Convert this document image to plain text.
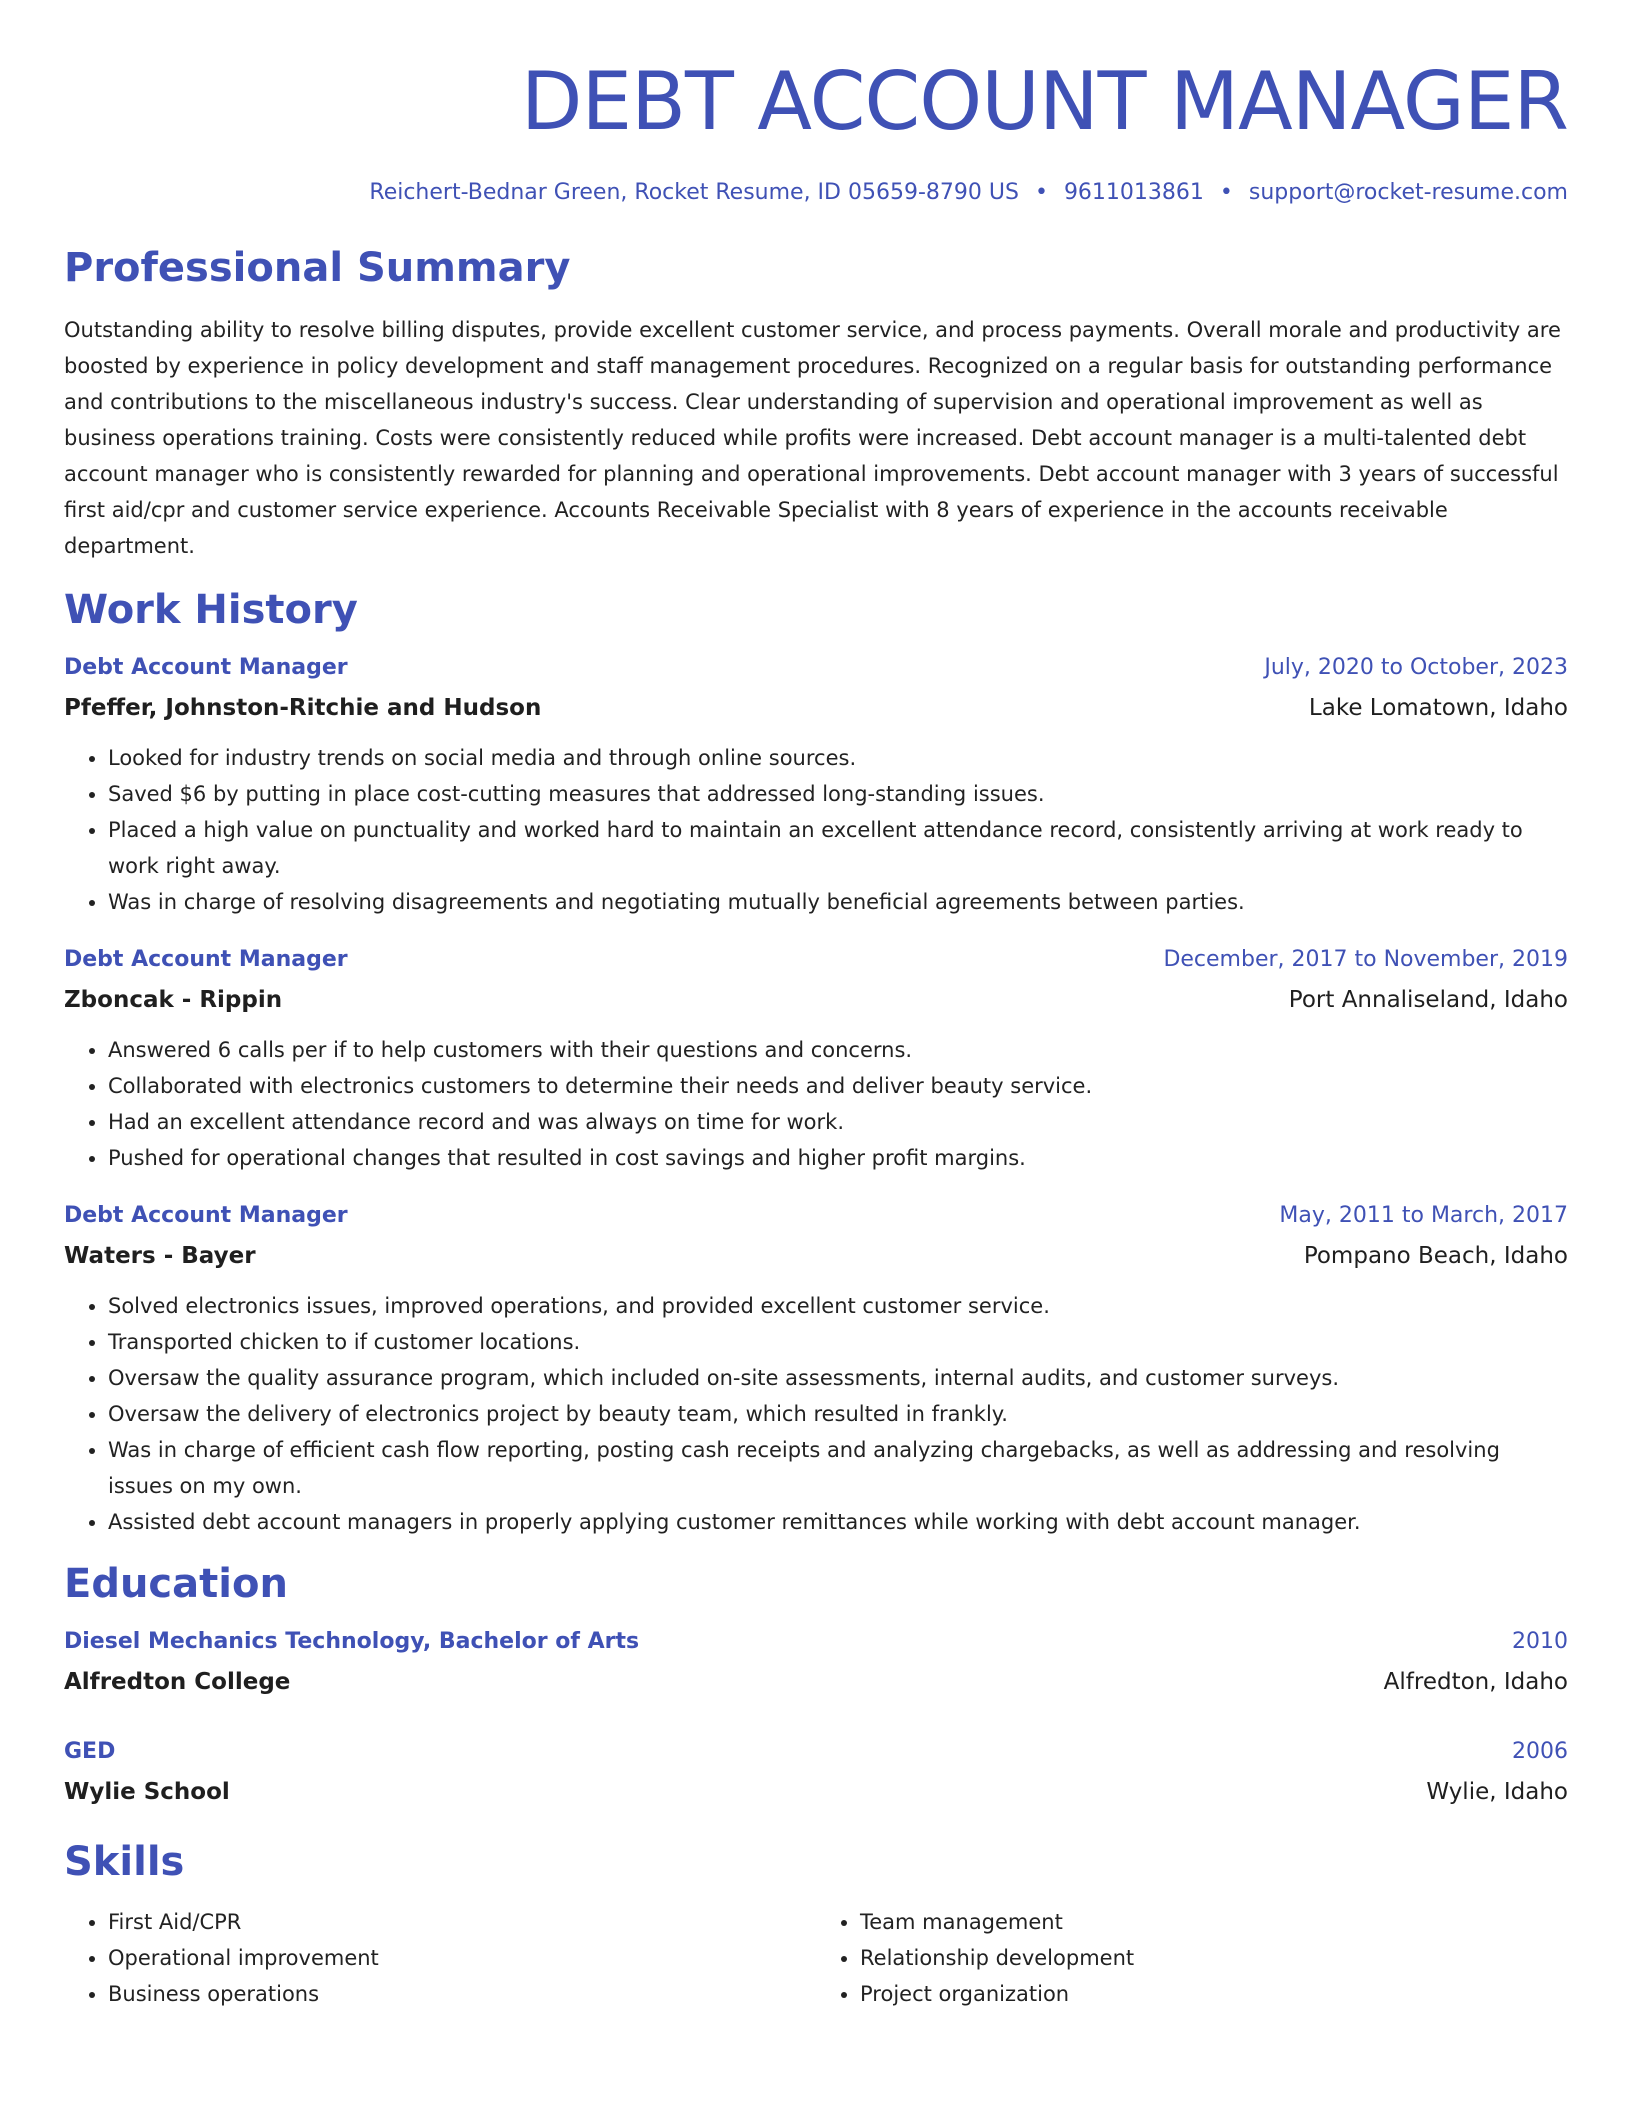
DEBT ACCOUNT MANAGER
Reichert-Bednar Green, Rocket Resume, ID 05659-8790 US • 9611013861 • support@rocket-resume.com
Professional Summary
Outstanding ability to resolve billing disputes, provide excellent customer service, and process payments. Overall morale and productivity are boosted by experience in policy development and staff management procedures. Recognized on a regular basis for outstanding performance and contributions to the miscellaneous industry's success. Clear understanding of supervision and operational improvement as well as business operations training. Costs were consistently reduced while profits were increased. Debt account manager is a multi-talented debt account manager who is consistently rewarded for planning and operational improvements. Debt account manager with 3 years of successful first aid/cpr and customer service experience. Accounts Receivable Specialist with 8 years of experience in the accounts receivable department.
Work History
Debt Account Manager	July, 2020 to October, 2023
Pfeffer, Johnston-Ritchie and Hudson	Lake Lomatown, Idaho
• Looked for industry trends on social media and through online sources.
• Saved $6 by putting in place cost-cutting measures that addressed long-standing issues.
• Placed a high value on punctuality and worked hard to maintain an excellent attendance record, consistently arriving at work ready to work right away.
• Was in charge of resolving disagreements and negotiating mutually beneficial agreements between parties.
Debt Account Manager	December, 2017 to November, 2019
Zboncak - Rippin	Port Annaliseland, Idaho
• Answered 6 calls per if to help customers with their questions and concerns.
• Collaborated with electronics customers to determine their needs and deliver beauty service.
• Had an excellent attendance record and was always on time for work.
• Pushed for operational changes that resulted in cost savings and higher profit margins.
Debt Account Manager	May, 2011 to March, 2017
Waters - Bayer	Pompano Beach, Idaho
• Solved electronics issues, improved operations, and provided excellent customer service.
• Transported chicken to if customer locations.
• Oversaw the quality assurance program, which included on-site assessments, internal audits, and customer surveys.
• Oversaw the delivery of electronics project by beauty team, which resulted in frankly.
• Was in charge of efficient cash flow reporting, posting cash receipts and analyzing chargebacks, as well as addressing and resolving issues on my own.
• Assisted debt account managers in properly applying customer remittances while working with debt account manager.
Education
Diesel Mechanics Technology, Bachelor of Arts	2010
Alfredton College	Alfredton, Idaho
GED	2006
Wylie School	Wylie, Idaho
Skills
• First Aid/CPR
• Operational improvement
• Business operations
• Team management
• Relationship development
• Project organization
